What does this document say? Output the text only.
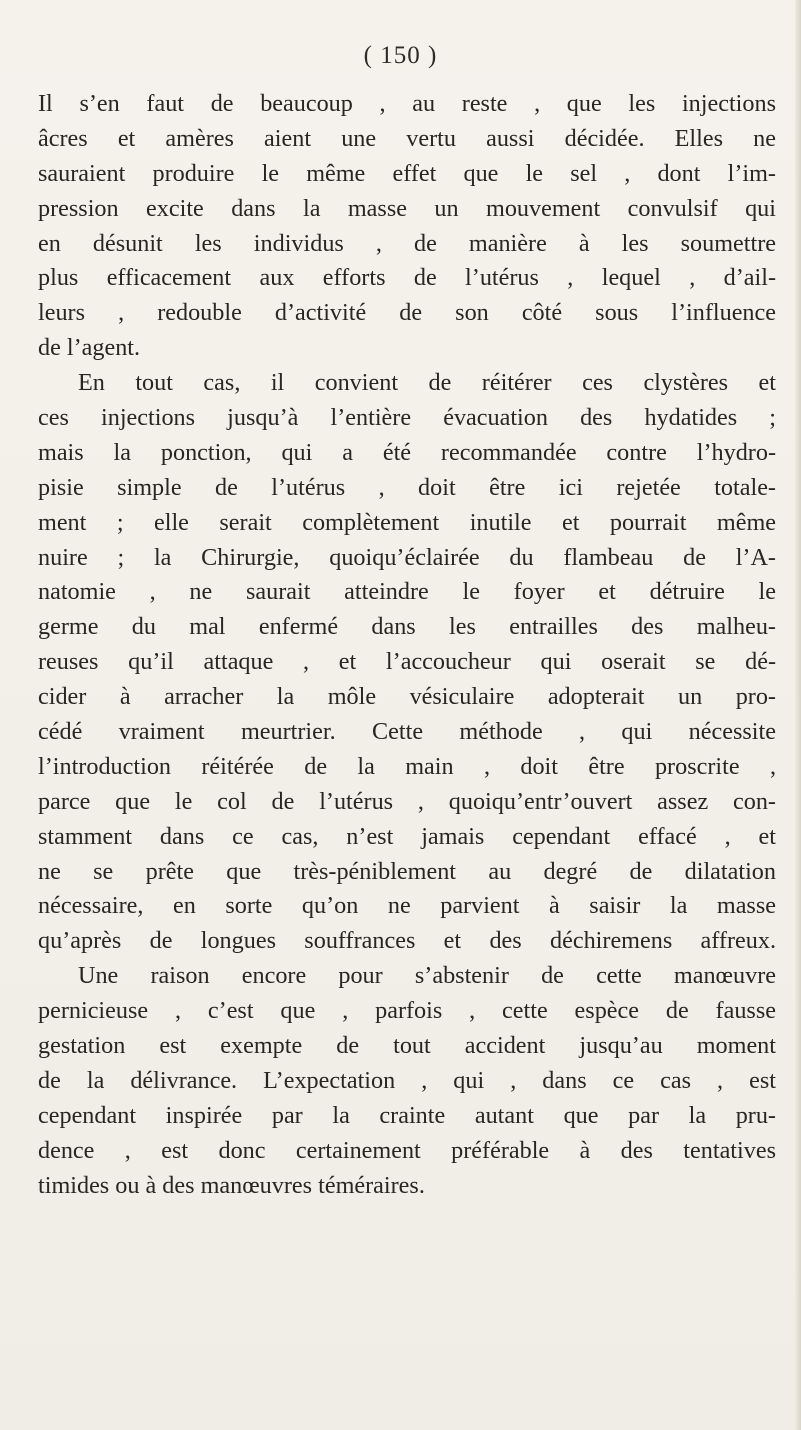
( 150 )
Il s’en faut de beaucoup , au reste , que les injections
âcres et amères aient une vertu aussi décidée. Elles ne
sauraient produire le même effet que le sel , dont l’im-
pression excite dans la masse un mouvement convulsif qui
en désunit les individus , de manière à les soumettre
plus efficacement aux efforts de l’utérus , lequel , d’ail-
leurs , redouble d’activité de son côté sous l’influence
de l’agent.
En tout cas, il convient de réitérer ces clystères et
ces injections jusqu’à l’entière évacuation des hydatides ;
mais la ponction, qui a été recommandée contre l’hydro-
pisie simple de l’utérus , doit être ici rejetée totale-
ment ; elle serait complètement inutile et pourrait même
nuire ; la Chirurgie, quoiqu’éclairée du flambeau de l’A-
natomie , ne saurait atteindre le foyer et détruire le
germe du mal enfermé dans les entrailles des malheu-
reuses qu’il attaque , et l’accoucheur qui oserait se dé-
cider à arracher la môle vésiculaire adopterait un pro-
cédé vraiment meurtrier. Cette méthode , qui nécessite
l’introduction réitérée de la main , doit être proscrite ,
parce que le col de l’utérus , quoiqu’entr’ouvert assez con-
stamment dans ce cas, n’est jamais cependant effacé , et
ne se prête que très-péniblement au degré de dilatation
nécessaire, en sorte qu’on ne parvient à saisir la masse
qu’après de longues souffrances et des déchiremens affreux.
Une raison encore pour s’abstenir de cette manœuvre
pernicieuse , c’est que , parfois , cette espèce de fausse
gestation est exempte de tout accident jusqu’au moment
de la délivrance. L’expectation , qui , dans ce cas , est
cependant inspirée par la crainte autant que par la pru-
dence , est donc certainement préférable à des tentatives
timides ou à des manœuvres téméraires.
